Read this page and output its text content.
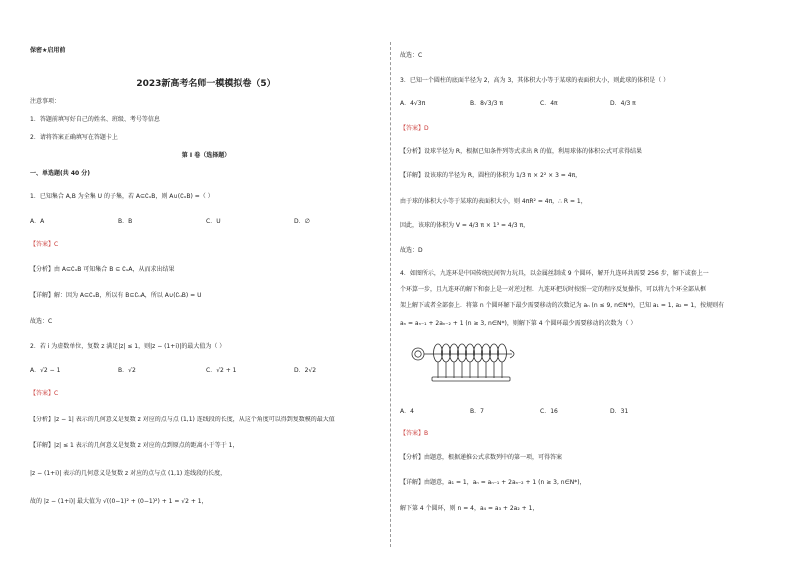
保密★启用前
2023新高考名师一模模拟卷（5）
注意事项：
1．答题前填写好自己的姓名、班级、考号等信息
2．请将答案正确填写在答题卡上
第 I 卷（选择题）
一、单选题(共 40 分)
1．已知集合 A,B 为全集 U 的子集，若 A⊆∁ᵤB，则 A∪(∁ᵤB) =（ ）
A．A	B．B	C．U	D．∅
【答案】C
【分析】由 A⊆∁ᵤB 可知集合 B ⊆ ∁ᵤA，从而求出结果
【详解】解：因为 A⊆∁ᵤB，所以有 B⊆∁ᵤA，所以 A∪(∁ᵤB) = U
故选：C
2．若 i 为虚数单位，复数 z 满足|z| ≤ 1，则|z − (1+i)|的最大值为（ ）
A．√2 − 1	B．√2	C．√2 + 1	D．2√2
【答案】C
【分析】|z − 1| 表示的几何意义是复数 z 对应的点与点 (1,1) 连线段的长度，从这个角度可以得到复数模的最大值
【详解】|z| ≤ 1 表示的几何意义是复数 z 对应的点到原点的距离小于等于 1，
|z − (1+i)| 表示的几何意义是复数 z 对应的点与点 (1,1) 连线段的长度，
故的 |z − (1+i)| 最大值为 √((0−1)² + (0−1)²) + 1 = √2 + 1，
故选：C
3．已知一个圆柱的底面半径为 2，高为 3，其体积大小等于某球的表面积大小，则此球的体积是（ ）
A．4√3π	B．8√3/3 π	C．4π	D．4/3 π
【答案】D
【分析】设球半径为 R，根据已知条件列等式求出 R 的值，利用球体的体积公式可求得结果
【详解】设该球的半径为 R，圆柱的体积为 1/3 π × 2² × 3 = 4π，
由于球的体积大小等于某球的表面积大小，则 4πR² = 4π，∴ R = 1，
因此，该球的体积为 V = 4/3 π × 1³ = 4/3 π，
故选：D
4．如图所示，九连环是中国传统民间智力玩具，以金属丝制成 9 个圆环，解开九连环共需要 256 步，解下或套上一
个环算一步，且九连环的解下和套上是一对逆过程．九连环把玩时按照一定的程序反复操作，可以将九个环全部从框
架上解下或者全部套上．将第 n 个圆环解下最少需要移动的次数记为 aₙ (n ≤ 9, n∈N*)，已知 a₁ = 1, a₂ = 1，按规则有
aₙ = aₙ₋₁ + 2aₙ₋₂ + 1 (n ≥ 3, n∈N*)，则解下第 4 个圆环最少需要移动的次数为（ ）
A．4	B．7	C．16	D．31
【答案】B
【分析】由题意，根据递推公式求数列中的第一项，可得答案
【详解】由题意，a₁ = 1，aₙ = aₙ₋₁ + 2aₙ₋₂ + 1 (n ≥ 3, n∈N*)，
解下第 4 个圆环，则 n = 4，a₄ = a₃ + 2a₂ + 1，
